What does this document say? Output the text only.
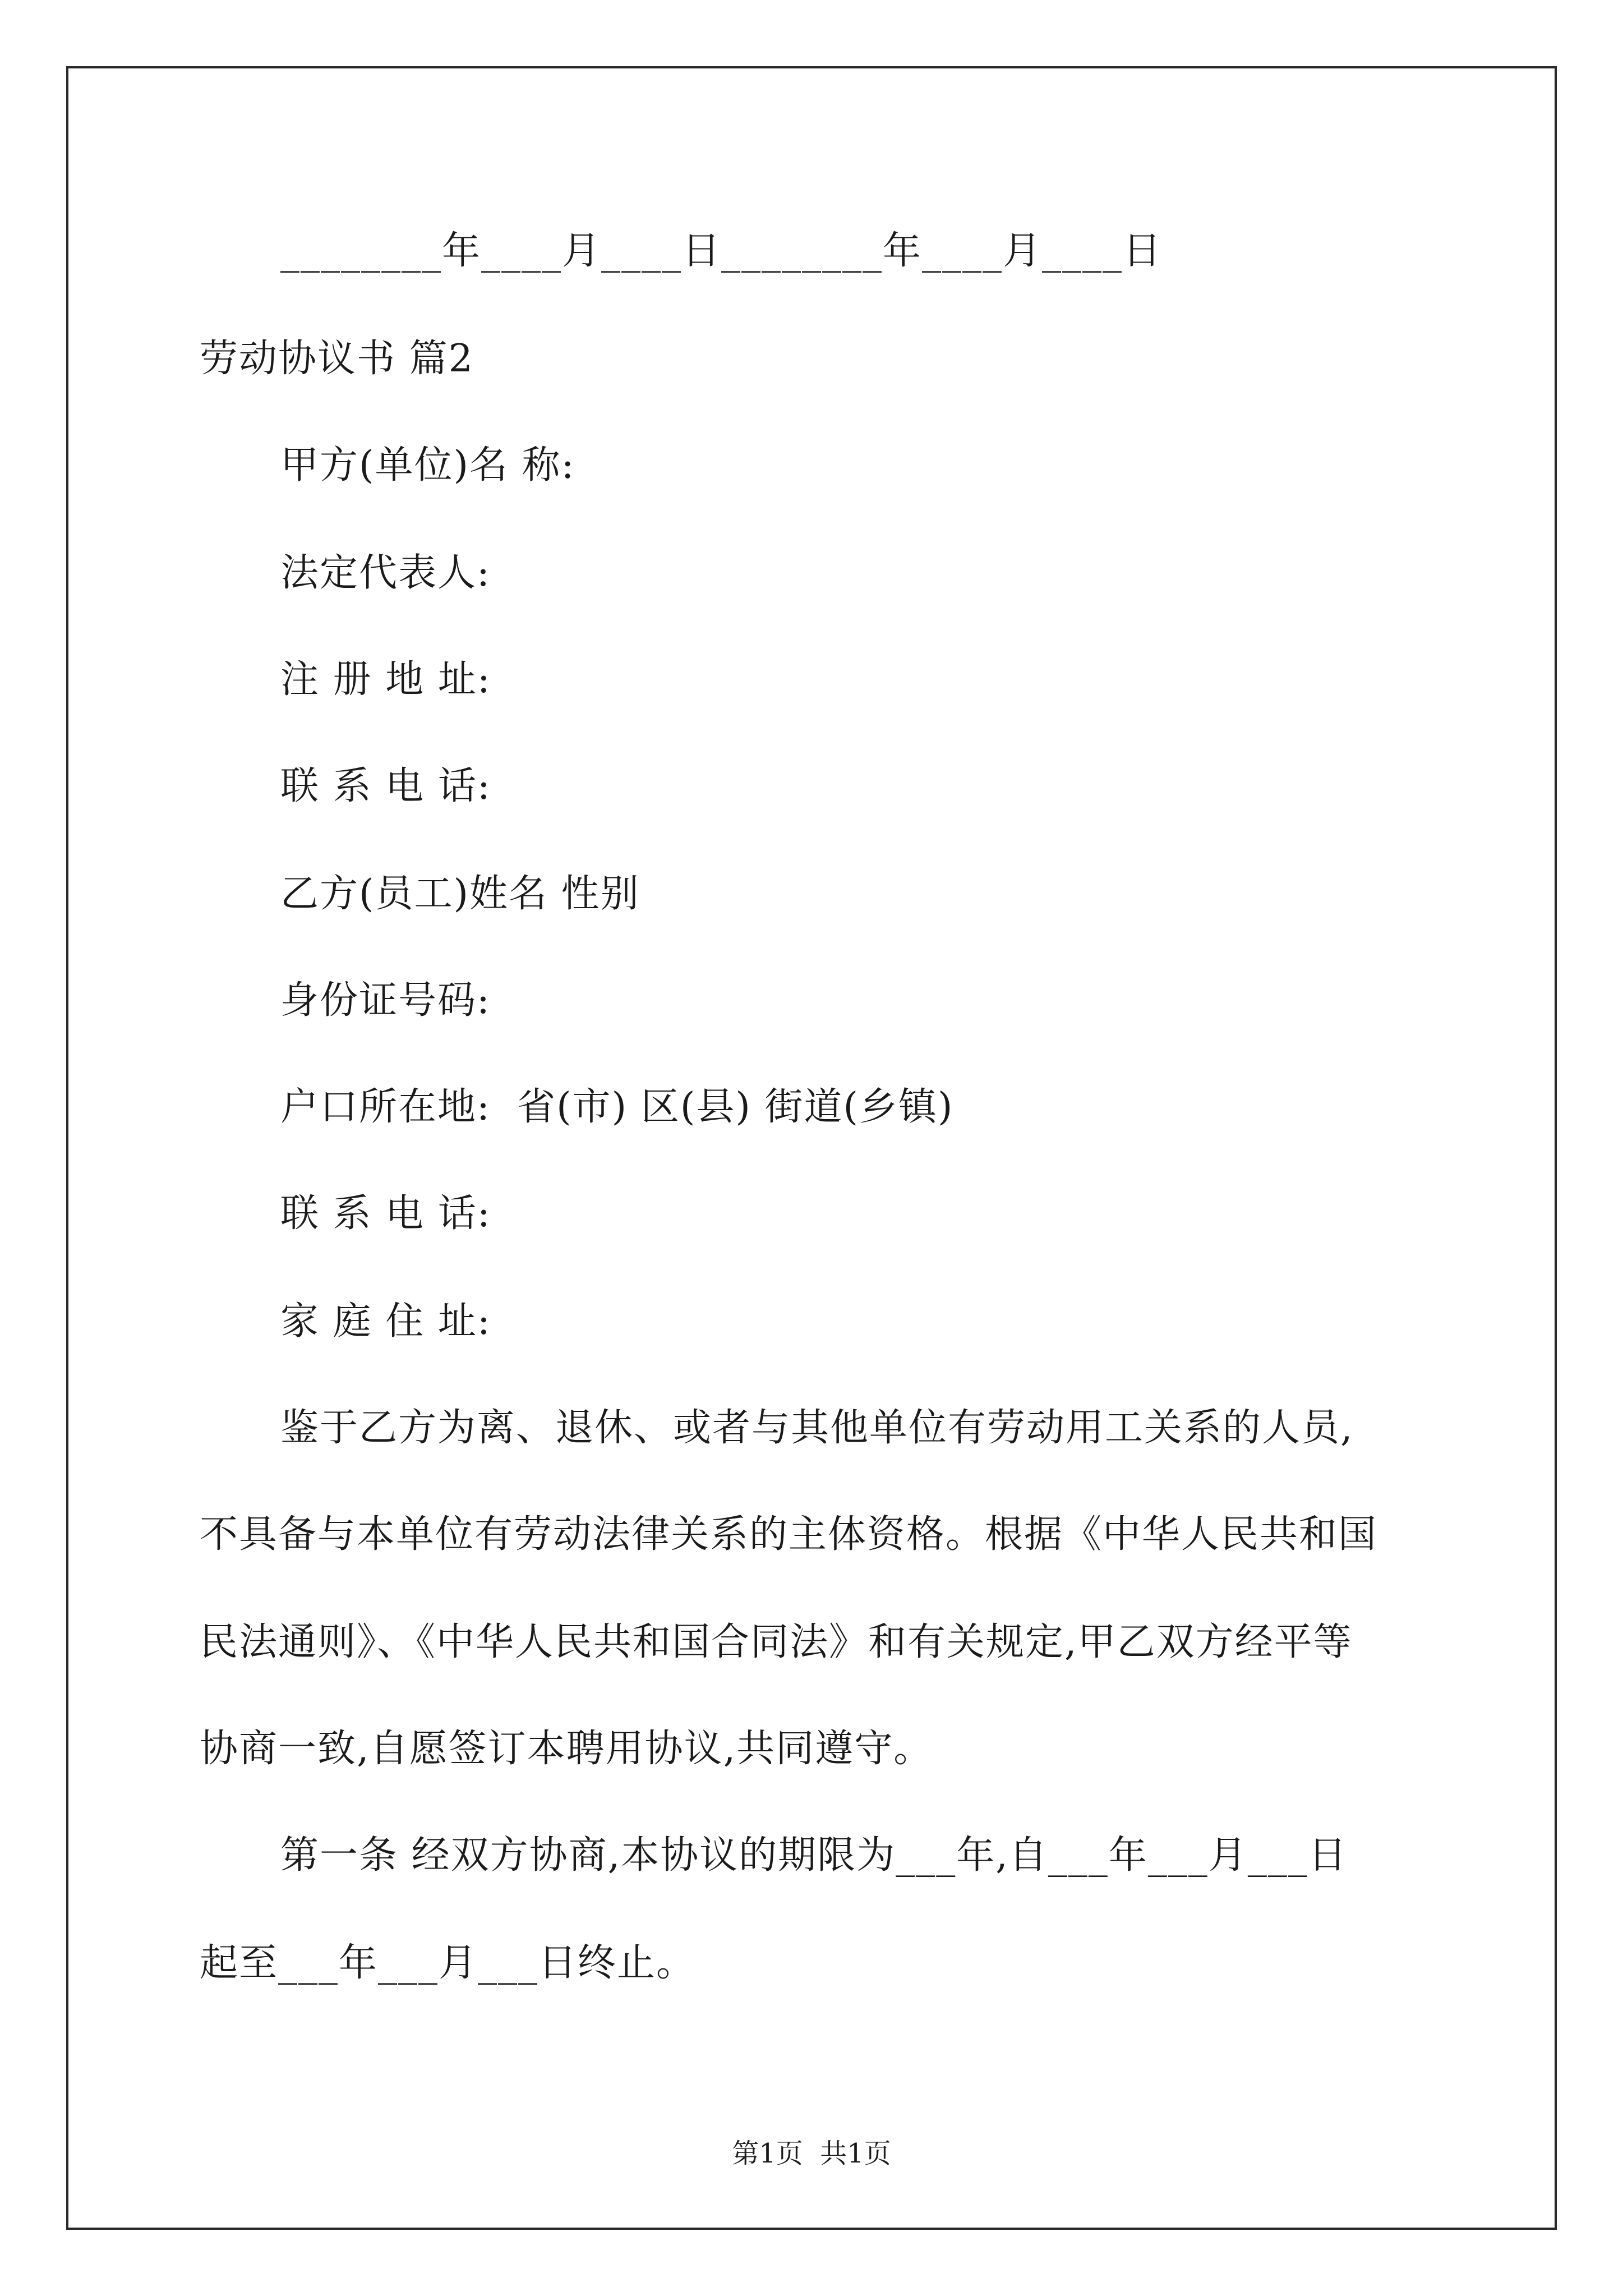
________年____月____日________年____月____日
劳动协议书 篇2
甲方(单位)名 称:
法定代表人:
注 册 地 址:
联 系 电 话:
乙方(员工)姓名 性别
身份证号码:
户口所在地:  省(市) 区(县) 街道(乡镇)
联 系 电 话:
家 庭 住 址:
鉴于乙方为离、退休、或者与其他单位有劳动用工关系的人员,
不具备与本单位有劳动法律关系的主体资格。根据《中华人民共和国
民法通则》、《中华人民共和国合同法》和有关规定,甲乙双方经平等
协商一致,自愿签订本聘用协议,共同遵守。
第一条 经双方协商,本协议的期限为___年,自___年___月___日
起至___年___月___日终止。
第1页  共1页
